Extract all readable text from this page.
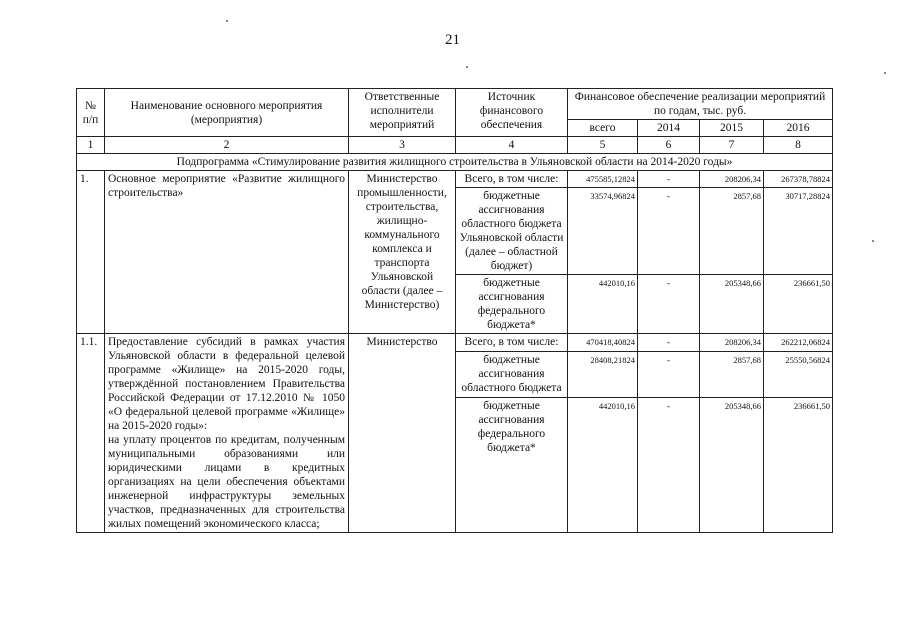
21
№ п/п	Наименование основного мероприятия (мероприятия)	Ответственные исполнители мероприятий	Источник финансового обеспечения	Финансовое обеспечение реализации мероприятий по годам, тыс. руб.			
				всего	2014	2015	2016
1	2	3	4	5	6	7	8
Подпрограмма «Стимулирование развития жилищного строительства в Ульяновской области на 2014-2020 годы»							
1.	Основное мероприятие «Развитие жилищного строительства»	Министерство промышленности, строительства, жилищно-коммунального комплекса и транспорта Ульяновской области (далее – Министерство)	Всего, в том числе:	475585,12824	-	208206,34	267378,78824
			бюджетные ассигнования областного бюджета Ульяновской области (далее – областной бюджет)	33574,96824	-	2857,68	30717,28824
			бюджетные ассигнования федерального бюджета*	442010,16	-	205348,66	236661,50
1.1.	Предоставление субсидий в рамках участия Ульяновской области в федеральной целевой программе «Жилище» на 2015-2020 годы, утверждённой постановлением Правительства Российской Федерации от 17.12.2010 № 1050 «О федеральной целевой программе «Жилище» на 2015-2020 годы»:
на уплату процентов по кредитам, полученным муниципальными образованиями или юридическими лицами в кредитных организациях на цели обеспечения объектами инженерной инфраструктуры земельных участков, предназначенных для строительства жилых помещений экономического класса;	Министерство	Всего, в том числе:	470418,40824	-	208206,34	262212,06824
			бюджетные ассигнования областного бюджета	28408,21824	-	2857,68	25550,56824
			бюджетные ассигнования федерального бюджета*	442010,16	-	205348,66	236661,50
